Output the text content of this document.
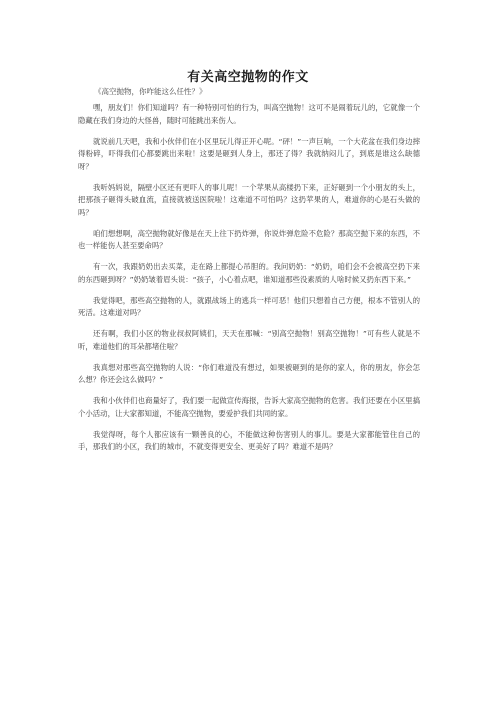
有关高空抛物的作文
《高空抛物，你咋能这么任性？》

嘿，朋友们！你们知道吗？有一种特别可怕的行为，叫高空抛物！这可不是闹着玩儿的，它就像一个隐藏在我们身边的大怪兽，随时可能跳出来伤人。

就说前几天吧，我和小伙伴们在小区里玩儿得正开心呢。“砰！”一声巨响，一个大花盆在我们身边摔得粉碎，吓得我们心都要跳出来啦！这要是砸到人身上，那还了得？我就纳闷儿了，到底是谁这么缺德呀？

我听妈妈说，隔壁小区还有更吓人的事儿呢！一个苹果从高楼扔下来，正好砸到一个小朋友的头上，把那孩子砸得头破血流，直接就被送医院啦！这难道不可怕吗？这扔苹果的人，难道你的心是石头做的吗？

咱们想想啊，高空抛物就好像是在天上往下扔炸弹，你说炸弹危险不危险？那高空抛下来的东西，不也一样能伤人甚至要命吗？

有一次，我跟奶奶出去买菜，走在路上都提心吊胆的。我问奶奶：“奶奶，咱们会不会被高空扔下来的东西砸到呀？”奶奶皱着眉头说：“孩子，小心着点吧，谁知道那些没素质的人啥时候又扔东西下来。”

我觉得吧，那些高空抛物的人，就跟战场上的逃兵一样可恶！他们只想着自己方便，根本不管别人的死活。这难道对吗？

还有啊，我们小区的物业叔叔阿姨们，天天在那喊：“别高空抛物！别高空抛物！”可有些人就是不听，难道他们的耳朵都堵住啦？

我真想对那些高空抛物的人说：“你们难道没有想过，如果被砸到的是你的家人，你的朋友，你会怎么想？你还会这么做吗？”

我和小伙伴们也商量好了，我们要一起做宣传海报，告诉大家高空抛物的危害。我们还要在小区里搞个小活动，让大家都知道，不能高空抛物，要爱护我们共同的家。

我觉得呀，每个人都应该有一颗善良的心，不能做这种伤害别人的事儿。要是大家都能管住自己的手，那我们的小区，我们的城市，不就变得更安全、更美好了吗？难道不是吗？
